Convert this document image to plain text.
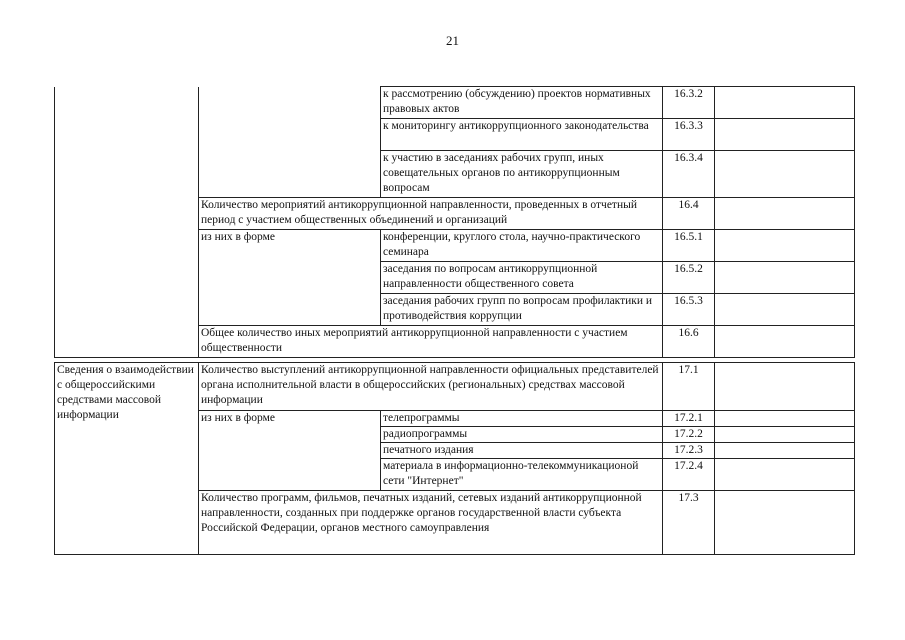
21
		к рассмотрению (обсуждению) проектов нормативных правовых актов	16.3.2	
		к мониторингу антикоррупционного законодательства	16.3.3	
		к участию в заседаниях рабочих групп, иных совещательных органов по антикоррупционным вопросам	16.3.4	
	Количество мероприятий антикоррупционной направленности, проведенных в отчетный период с участием общественных объединений и организаций		16.4	
	из них в форме	конференции, круглого стола, научно-практического семинара	16.5.1	
		заседания по вопросам антикоррупционной направленности общественного совета	16.5.2	
		заседания рабочих групп по вопросам профилактики и противодействия коррупции	16.5.3	
	Общее количество иных мероприятий антикоррупционной направленности с участием общественности		16.6	
Сведения о взаимодействии с общероссийскими средствами массовой информации	Количество выступлений антикоррупционной направленности официальных представителей органа исполнительной власти в общероссийских (региональных) средствах массовой информации		17.1	
	из них в форме	телепрограммы	17.2.1	
		радиопрограммы	17.2.2	
		печатного издания	17.2.3	
		материала в информационно-телекоммуникационой сети "Интернет"	17.2.4	
	Количество программ, фильмов, печатных изданий, сетевых изданий антикоррупционной направленности, созданных при поддержке органов государственной власти субъекта Российской Федерации, органов местного самоуправления		17.3	
